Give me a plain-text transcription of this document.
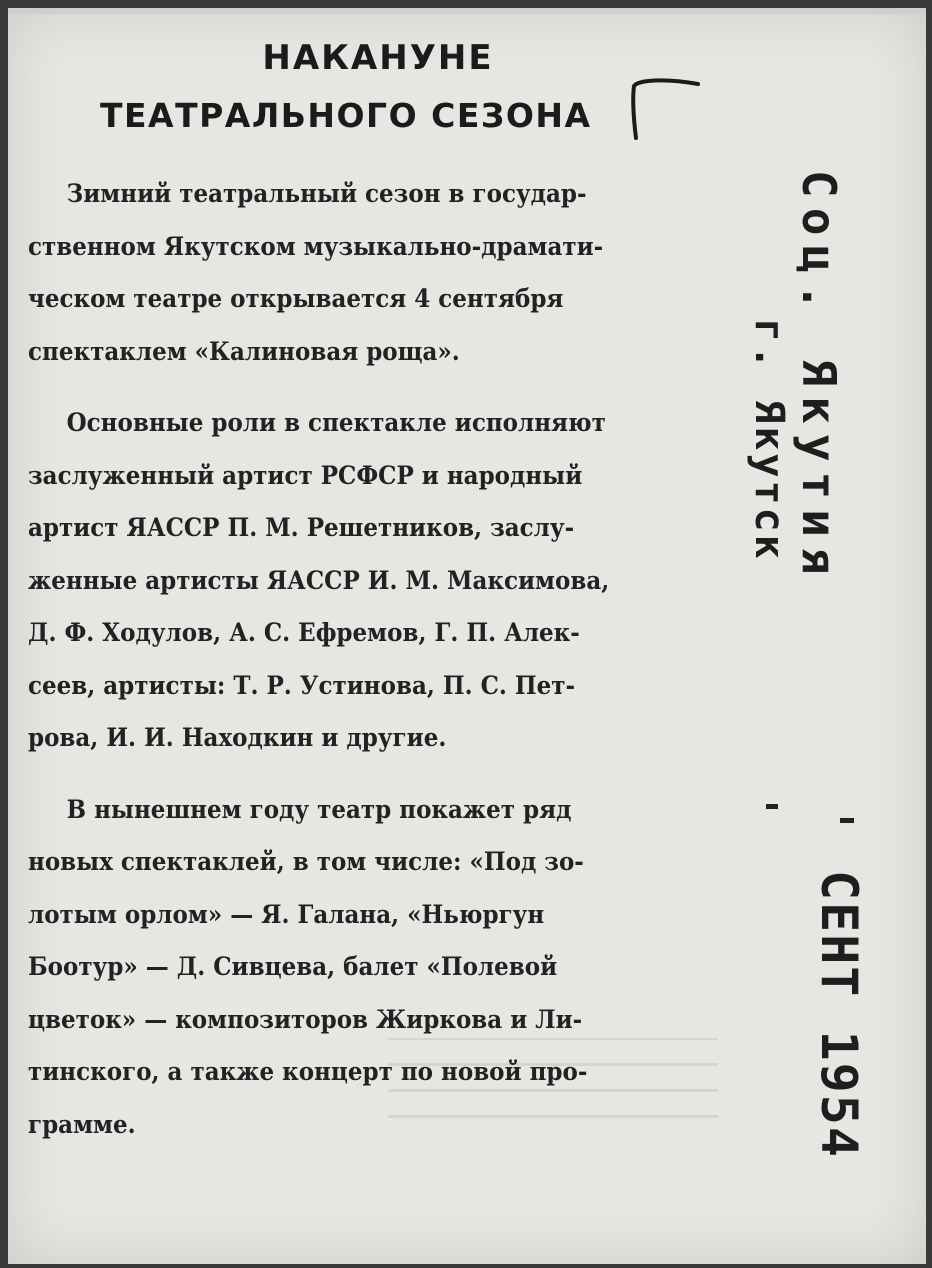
НАКАНУНЕ
ТЕАТРАЛЬНОГО СЕЗОНА

Зимний театральный сезон в государ-
ственном Якутском музыкально-драмати-
ческом театре открывается 4 сентября
спектаклем «Калиновая роща».

Основные роли в спектакле исполняют
заслуженный артист РСФСР и народный
артист ЯАССР П. М. Решетников, заслу-
женные артисты ЯАССР И. М. Максимова,
Д. Ф. Ходулов, А. С. Ефремов, Г. П. Алек-
сеев, артисты: Т. Р. Устинова, П. С. Пет-
рова, И. И. Находкин и другие.

В нынешнем году театр покажет ряд
новых спектаклей, в том числе: «Под зо-
лотым орлом» — Я. Галана, «Ньюргун
Боотур» — Д. Сивцева, балет «Полевой
цветок» — композиторов Жиркова и Ли-
тинского, а также концерт по новой про-
грамме.

Соц. Якутия
г. Якутск
СЕНТ 1954
